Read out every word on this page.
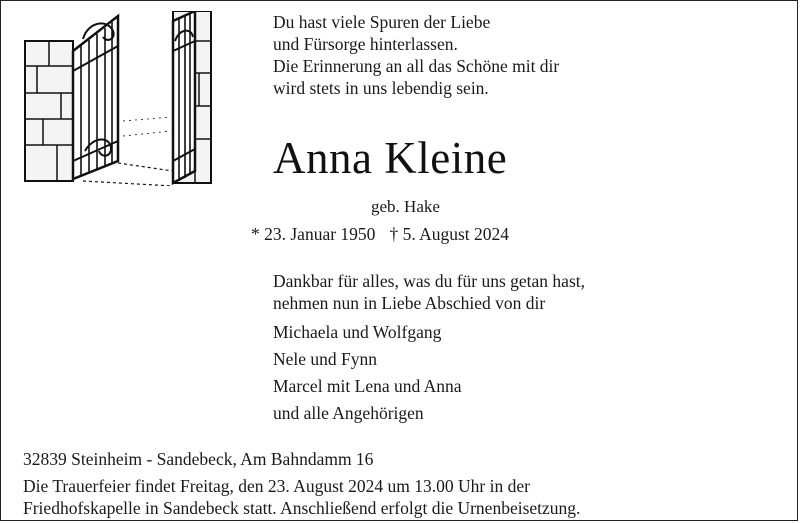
Du hast viele Spuren der Liebe
und Fürsorge hinterlassen.
Die Erinnerung an all das Schöne mit dir
wird stets in uns lebendig sein.
Anna Kleine
geb. Hake
* 23. Januar 1950 † 5. August 2024
Dankbar für alles, was du für uns getan hast,
nehmen nun in Liebe Abschied von dir
Michaela und Wolfgang
Nele und Fynn
Marcel mit Lena und Anna
und alle Angehörigen
32839 Steinheim - Sandebeck, Am Bahndamm 16
Die Trauerfeier findet Freitag, den 23. August 2024 um 13.00 Uhr in der
Friedhofskapelle in Sandebeck statt. Anschließend erfolgt die Urnenbeisetzung.
